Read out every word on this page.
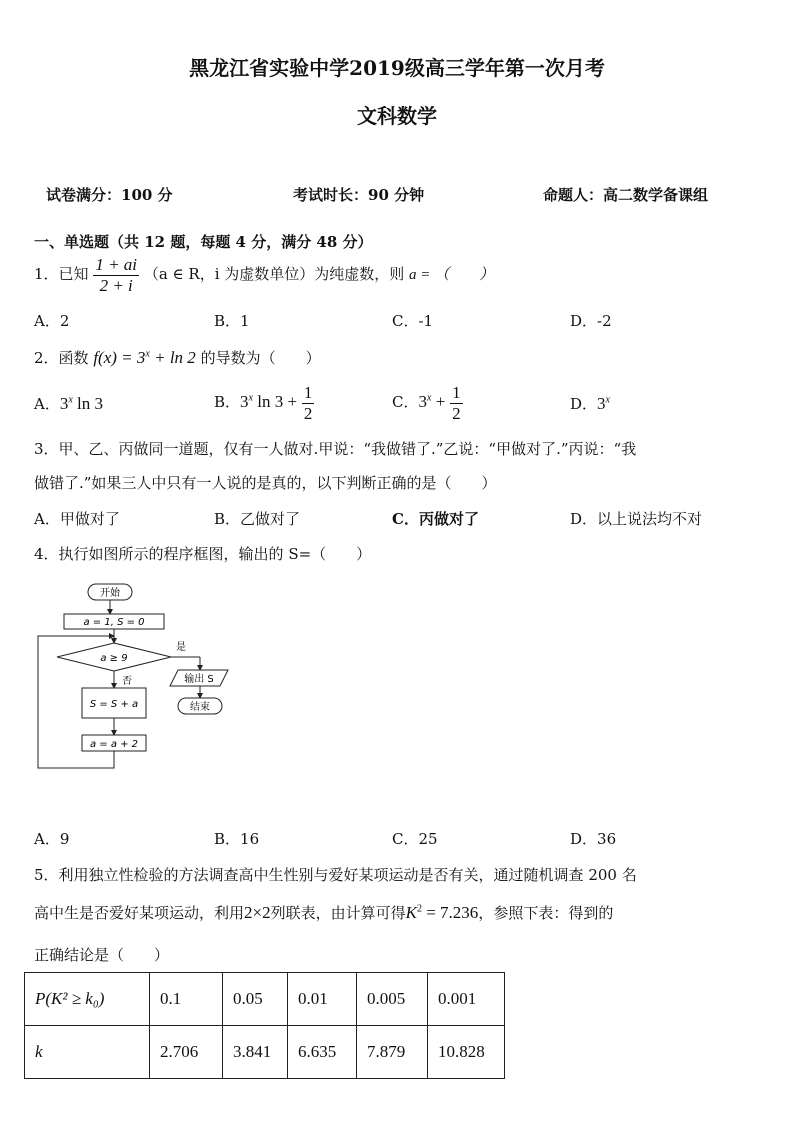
黑龙江省实验中学2019级高三学年第一次月考
文科数学
试卷满分：100 分	考试时长：90 分钟	命题人：高二数学备课组
一、单选题（共 12 题，每题 4 分，满分 48 分）
1．已知 $\frac{1 + ai}{2 + i} (a$ ∈ R，i 为虚数单位）为纯虚数，则 a = （　　）
A．2	B．1	C．-1	D．-2
2．函数 $f(x) = 3^x + \ln 2$ 的导数为（　　）
A．3$^x$ ln 3	B．3$^x$ $\ln 3 + \frac{1}{2}$	C．$3^x + \frac{1}{2}$	D．3$^x$
3．甲、乙、丙做同一道题，仅有一人做对.甲说：“我做错了.”乙说：“甲做对了.”丙说：“我
做错了.”如果三人中只有一人说的是真的，以下判断正确的是（　　）
A．甲做对了	B．乙做对了	C．丙做对了	D．以上说法均不对
4．执行如图所示的程序框图，输出的 S=（　　）
开始
a = 1, S = 0
a ≥ 9
是
输出 S
结束
否
S = S + a
a = a + 2
A．9	B．16	C．25	D．36
5．利用独立性检验的方法调查高中生性别与爱好某项运动是否有关，通过随机调查 200 名
高中生是否爱好某项运动，利用2×2列联表，由计算可得$K^2 = 7.236$，参照下表：得到的
正确结论是（　　）
P(K² ≥ k₀)	0.1	0.05	0.01	0.005	0.001
k	2.706	3.841	6.635	7.879	10.828
